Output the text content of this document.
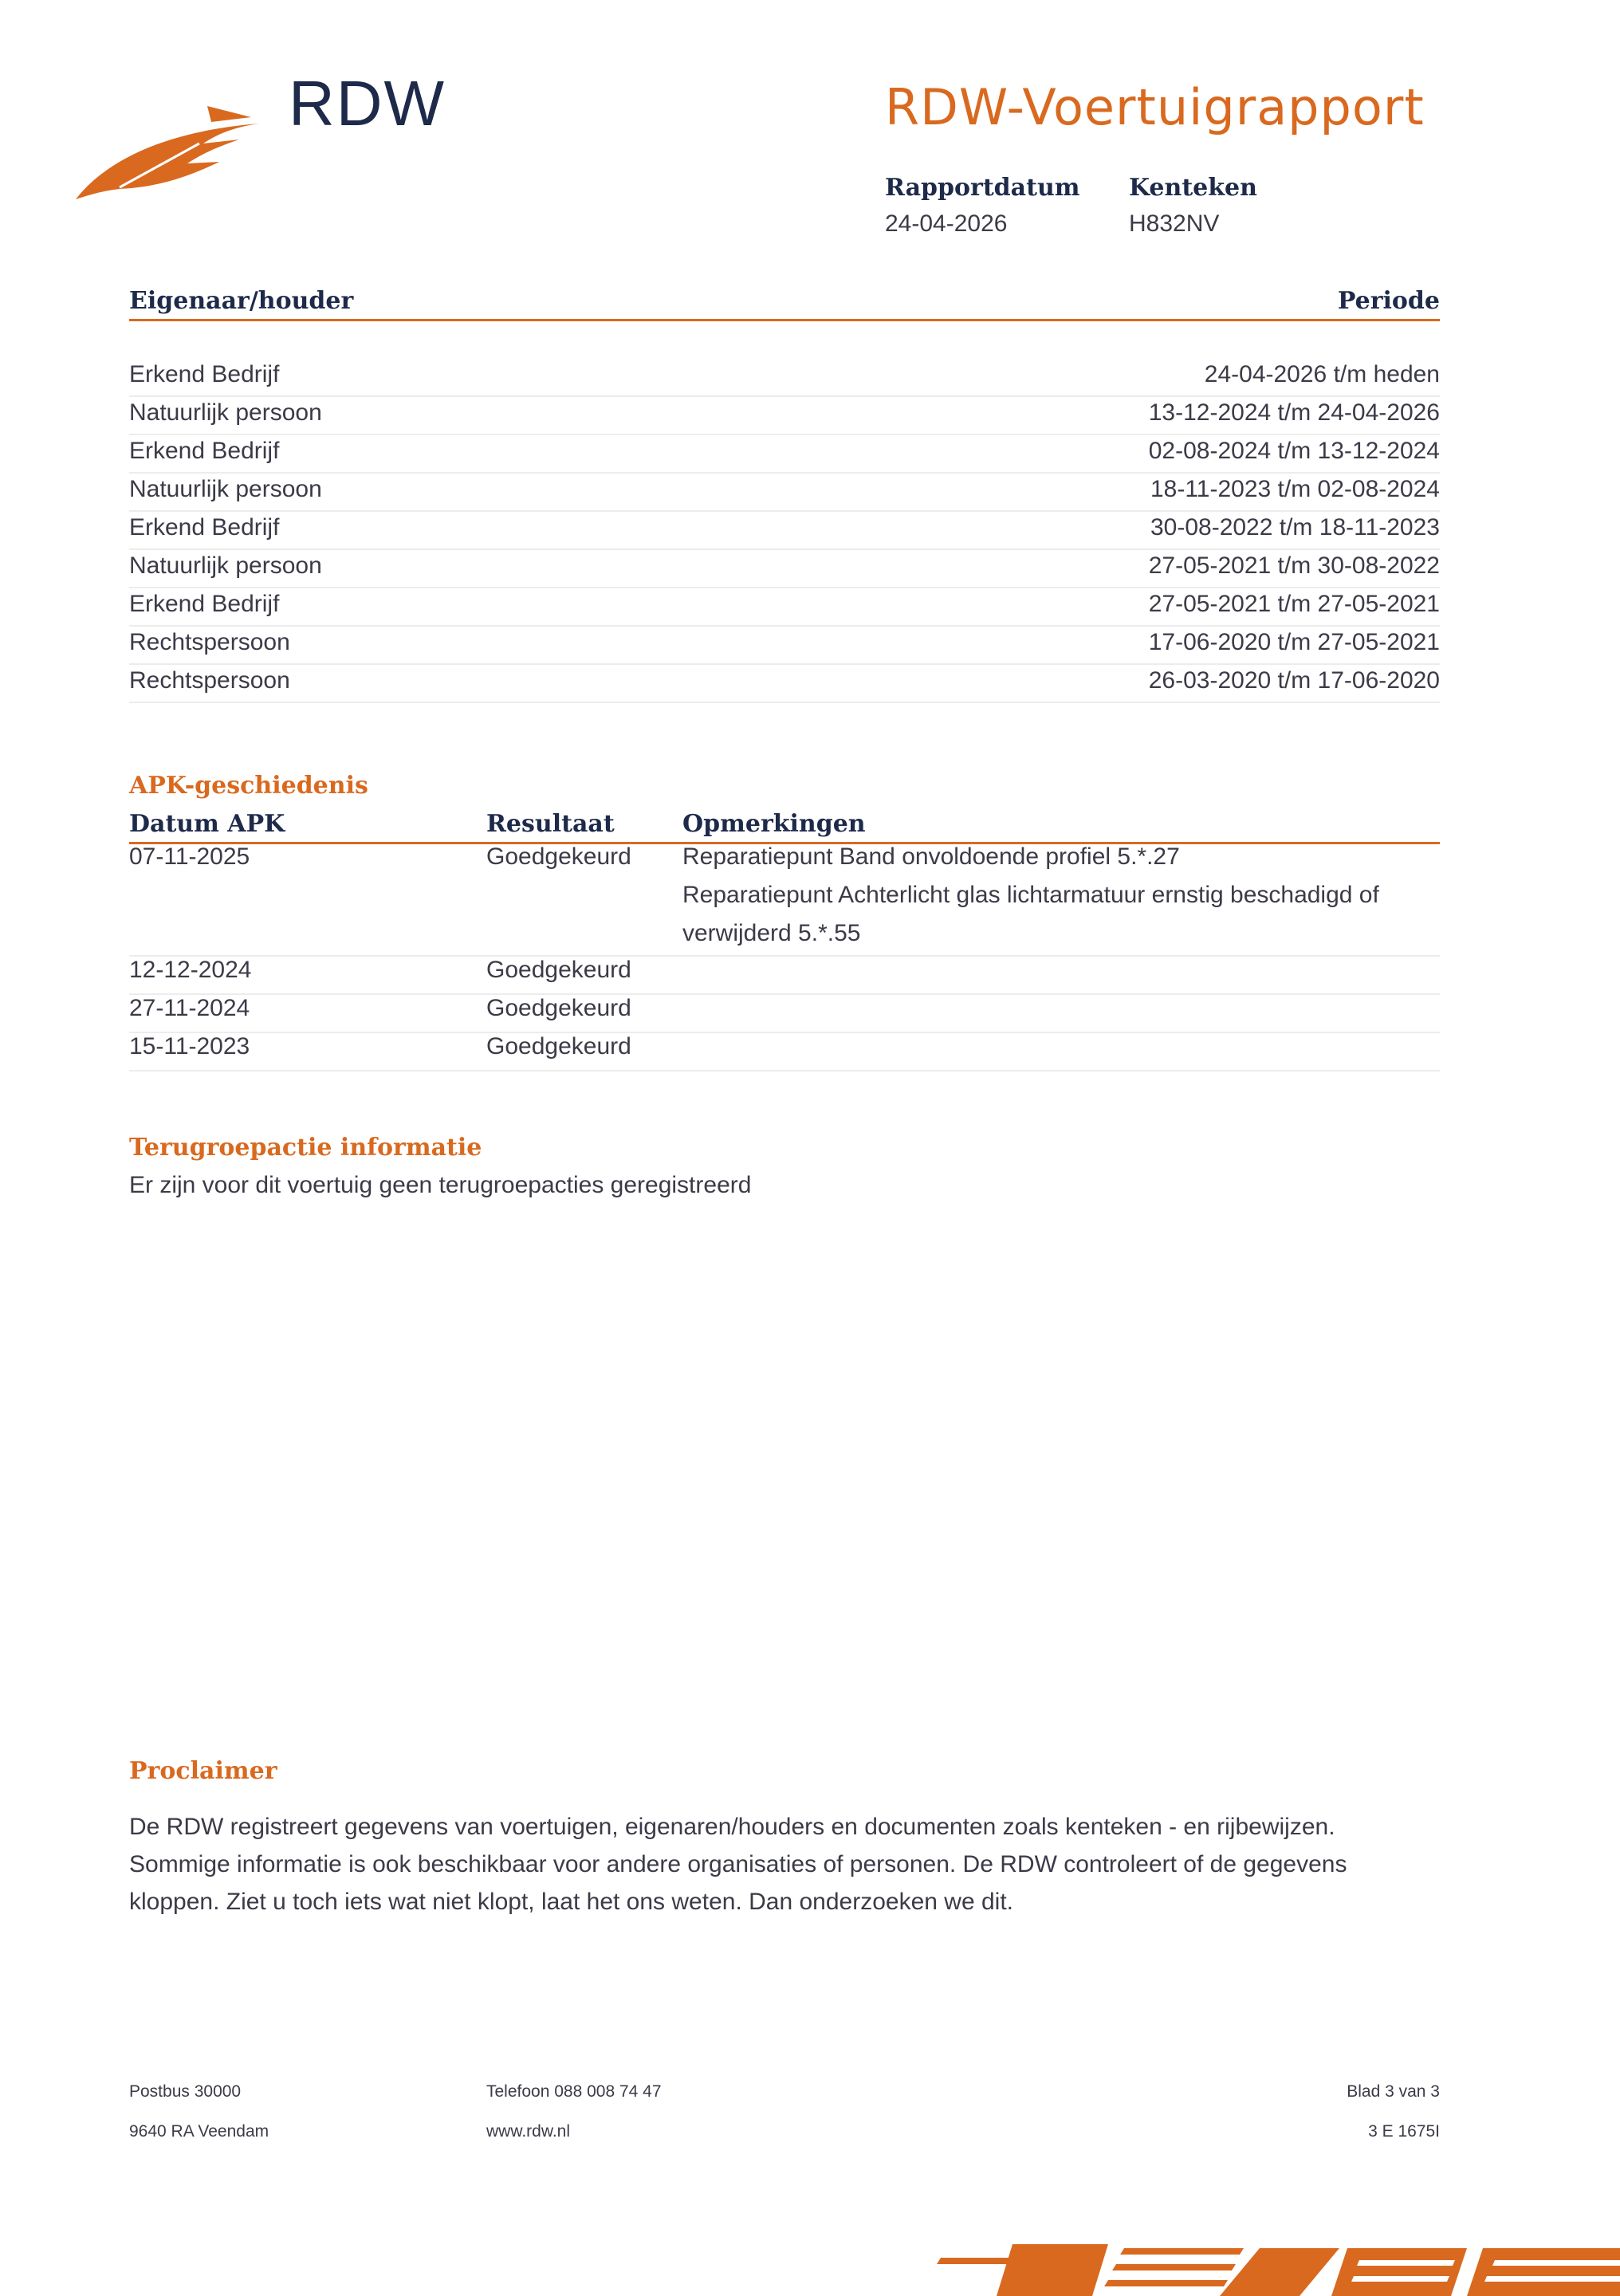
RDW	RDW-Voertuigrapport
Rapportdatum
24-04-2026
Kenteken
H832NV
Eigenaar/houder	Periode
Erkend Bedrijf	24-04-2026 t/m heden
Natuurlijk persoon	13-12-2024 t/m 24-04-2026
Erkend Bedrijf	02-08-2024 t/m 13-12-2024
Natuurlijk persoon	18-11-2023 t/m 02-08-2024
Erkend Bedrijf	30-08-2022 t/m 18-11-2023
Natuurlijk persoon	27-05-2021 t/m 30-08-2022
Erkend Bedrijf	27-05-2021 t/m 27-05-2021
Rechtspersoon	17-06-2020 t/m 27-05-2021
Rechtspersoon	26-03-2020 t/m 17-06-2020
APK-geschiedenis
Datum APK	Resultaat	Opmerkingen
07-11-2025	Goedgekeurd Reparatiepunt Band onvoldoende profiel 5.*.27
Reparatiepunt Achterlicht glas lichtarmatuur ernstig beschadigd of
verwijderd 5.*.55
12-12-2024	Goedgekeurd
27-11-2024	Goedgekeurd
15-11-2023	Goedgekeurd
Terugroepactie informatie
Er zijn voor dit voertuig geen terugroepacties geregistreerd
Proclaimer
De RDW registreert gegevens van voertuigen, eigenaren/houders en documenten zoals kenteken - en rijbewijzen.
Sommige informatie is ook beschikbaar voor andere organisaties of personen. De RDW controleert of de gegevens
kloppen. Ziet u toch iets wat niet klopt, laat het ons weten. Dan onderzoeken we dit.
Postbus 30000
9640 RA Veendam
Telefoon 088 008 74 47
www.rdw.nl
Blad 3 van 3
3 E 1675I
